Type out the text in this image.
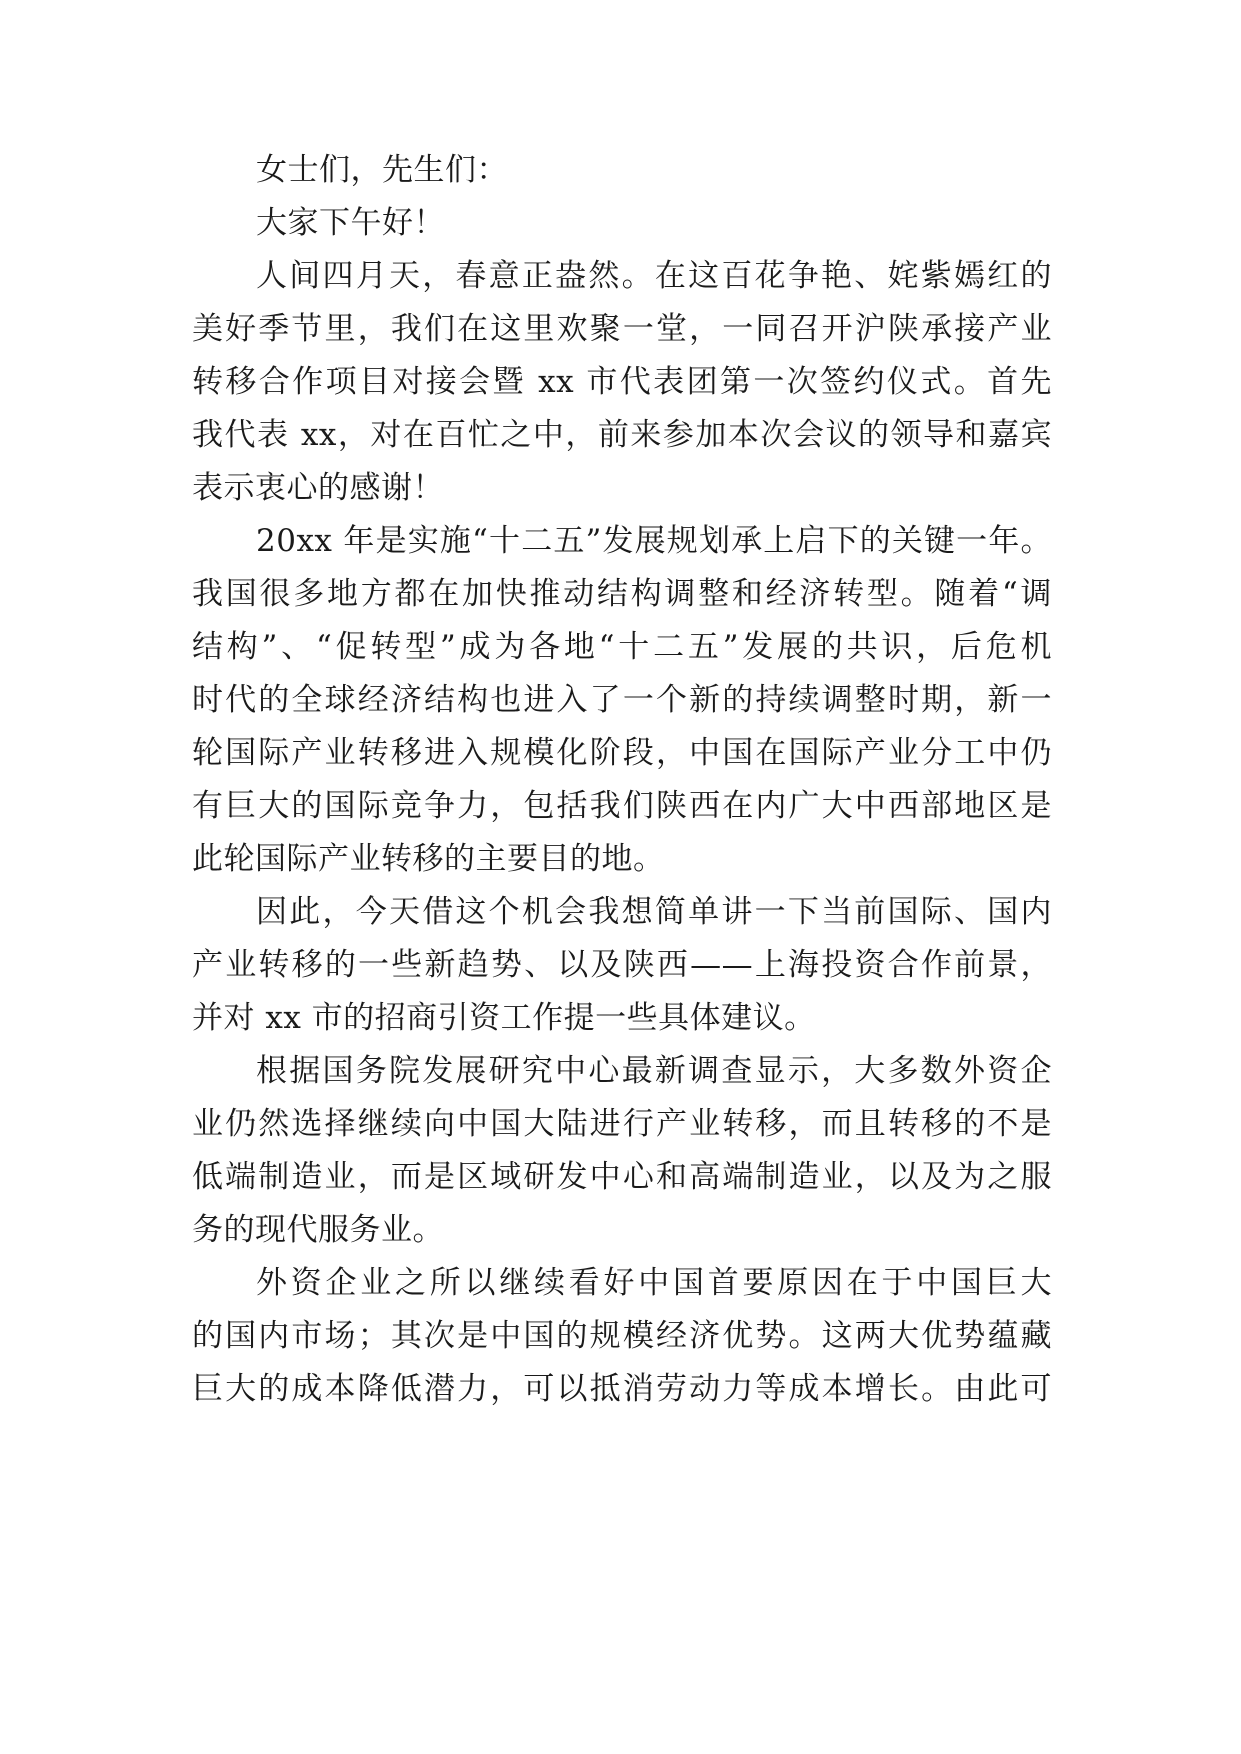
女士们，先生们：
大家下午好！
人间四月天，春意正盎然。在这百花争艳、姹紫嫣红的
美好季节里，我们在这里欢聚一堂，一同召开沪陕承接产业
转移合作项目对接会暨 xx 市代表团第一次签约仪式。首先
我代表 xx，对在百忙之中，前来参加本次会议的领导和嘉宾
表示衷心的感谢！
20xx 年是实施“十二五”发展规划承上启下的关键一年。
我国很多地方都在加快推动结构调整和经济转型。随着“调
结构”、“促转型”成为各地“十二五”发展的共识，后危机
时代的全球经济结构也进入了一个新的持续调整时期，新一
轮国际产业转移进入规模化阶段，中国在国际产业分工中仍
有巨大的国际竞争力，包括我们陕西在内广大中西部地区是
此轮国际产业转移的主要目的地。
因此，今天借这个机会我想简单讲一下当前国际、国内
产业转移的一些新趋势、以及陕西——上海投资合作前景，
并对 xx 市的招商引资工作提一些具体建议。
根据国务院发展研究中心最新调查显示，大多数外资企
业仍然选择继续向中国大陆进行产业转移，而且转移的不是
低端制造业，而是区域研发中心和高端制造业，以及为之服
务的现代服务业。
外资企业之所以继续看好中国首要原因在于中国巨大
的国内市场；其次是中国的规模经济优势。这两大优势蕴藏
巨大的成本降低潜力，可以抵消劳动力等成本增长。由此可
